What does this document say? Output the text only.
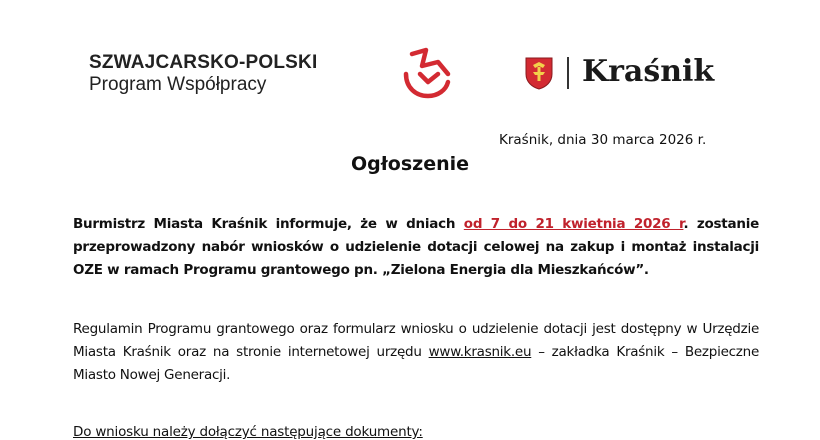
SZWAJCARSKO-POLSKI
Program Współpracy	Kraśnik
Kraśnik, dnia 30 marca 2026 r.
Ogłoszenie
Burmistrz Miasta Kraśnik informuje, że w dniach od 7 do 21 kwietnia 2026 r. zostanie przeprowadzony nabór wniosków o udzielenie dotacji celowej na zakup i montaż instalacji OZE w ramach Programu grantowego pn. „Zielona Energia dla Mieszkańców”.
Regulamin Programu grantowego oraz formularz wniosku o udzielenie dotacji jest dostępny w Urzędzie Miasta Kraśnik oraz na stronie internetowej urzędu www.krasnik.eu – zakładka Kraśnik – Bezpieczne Miasto Nowej Generacji.
Do wniosku należy dołączyć następujące dokumenty:
